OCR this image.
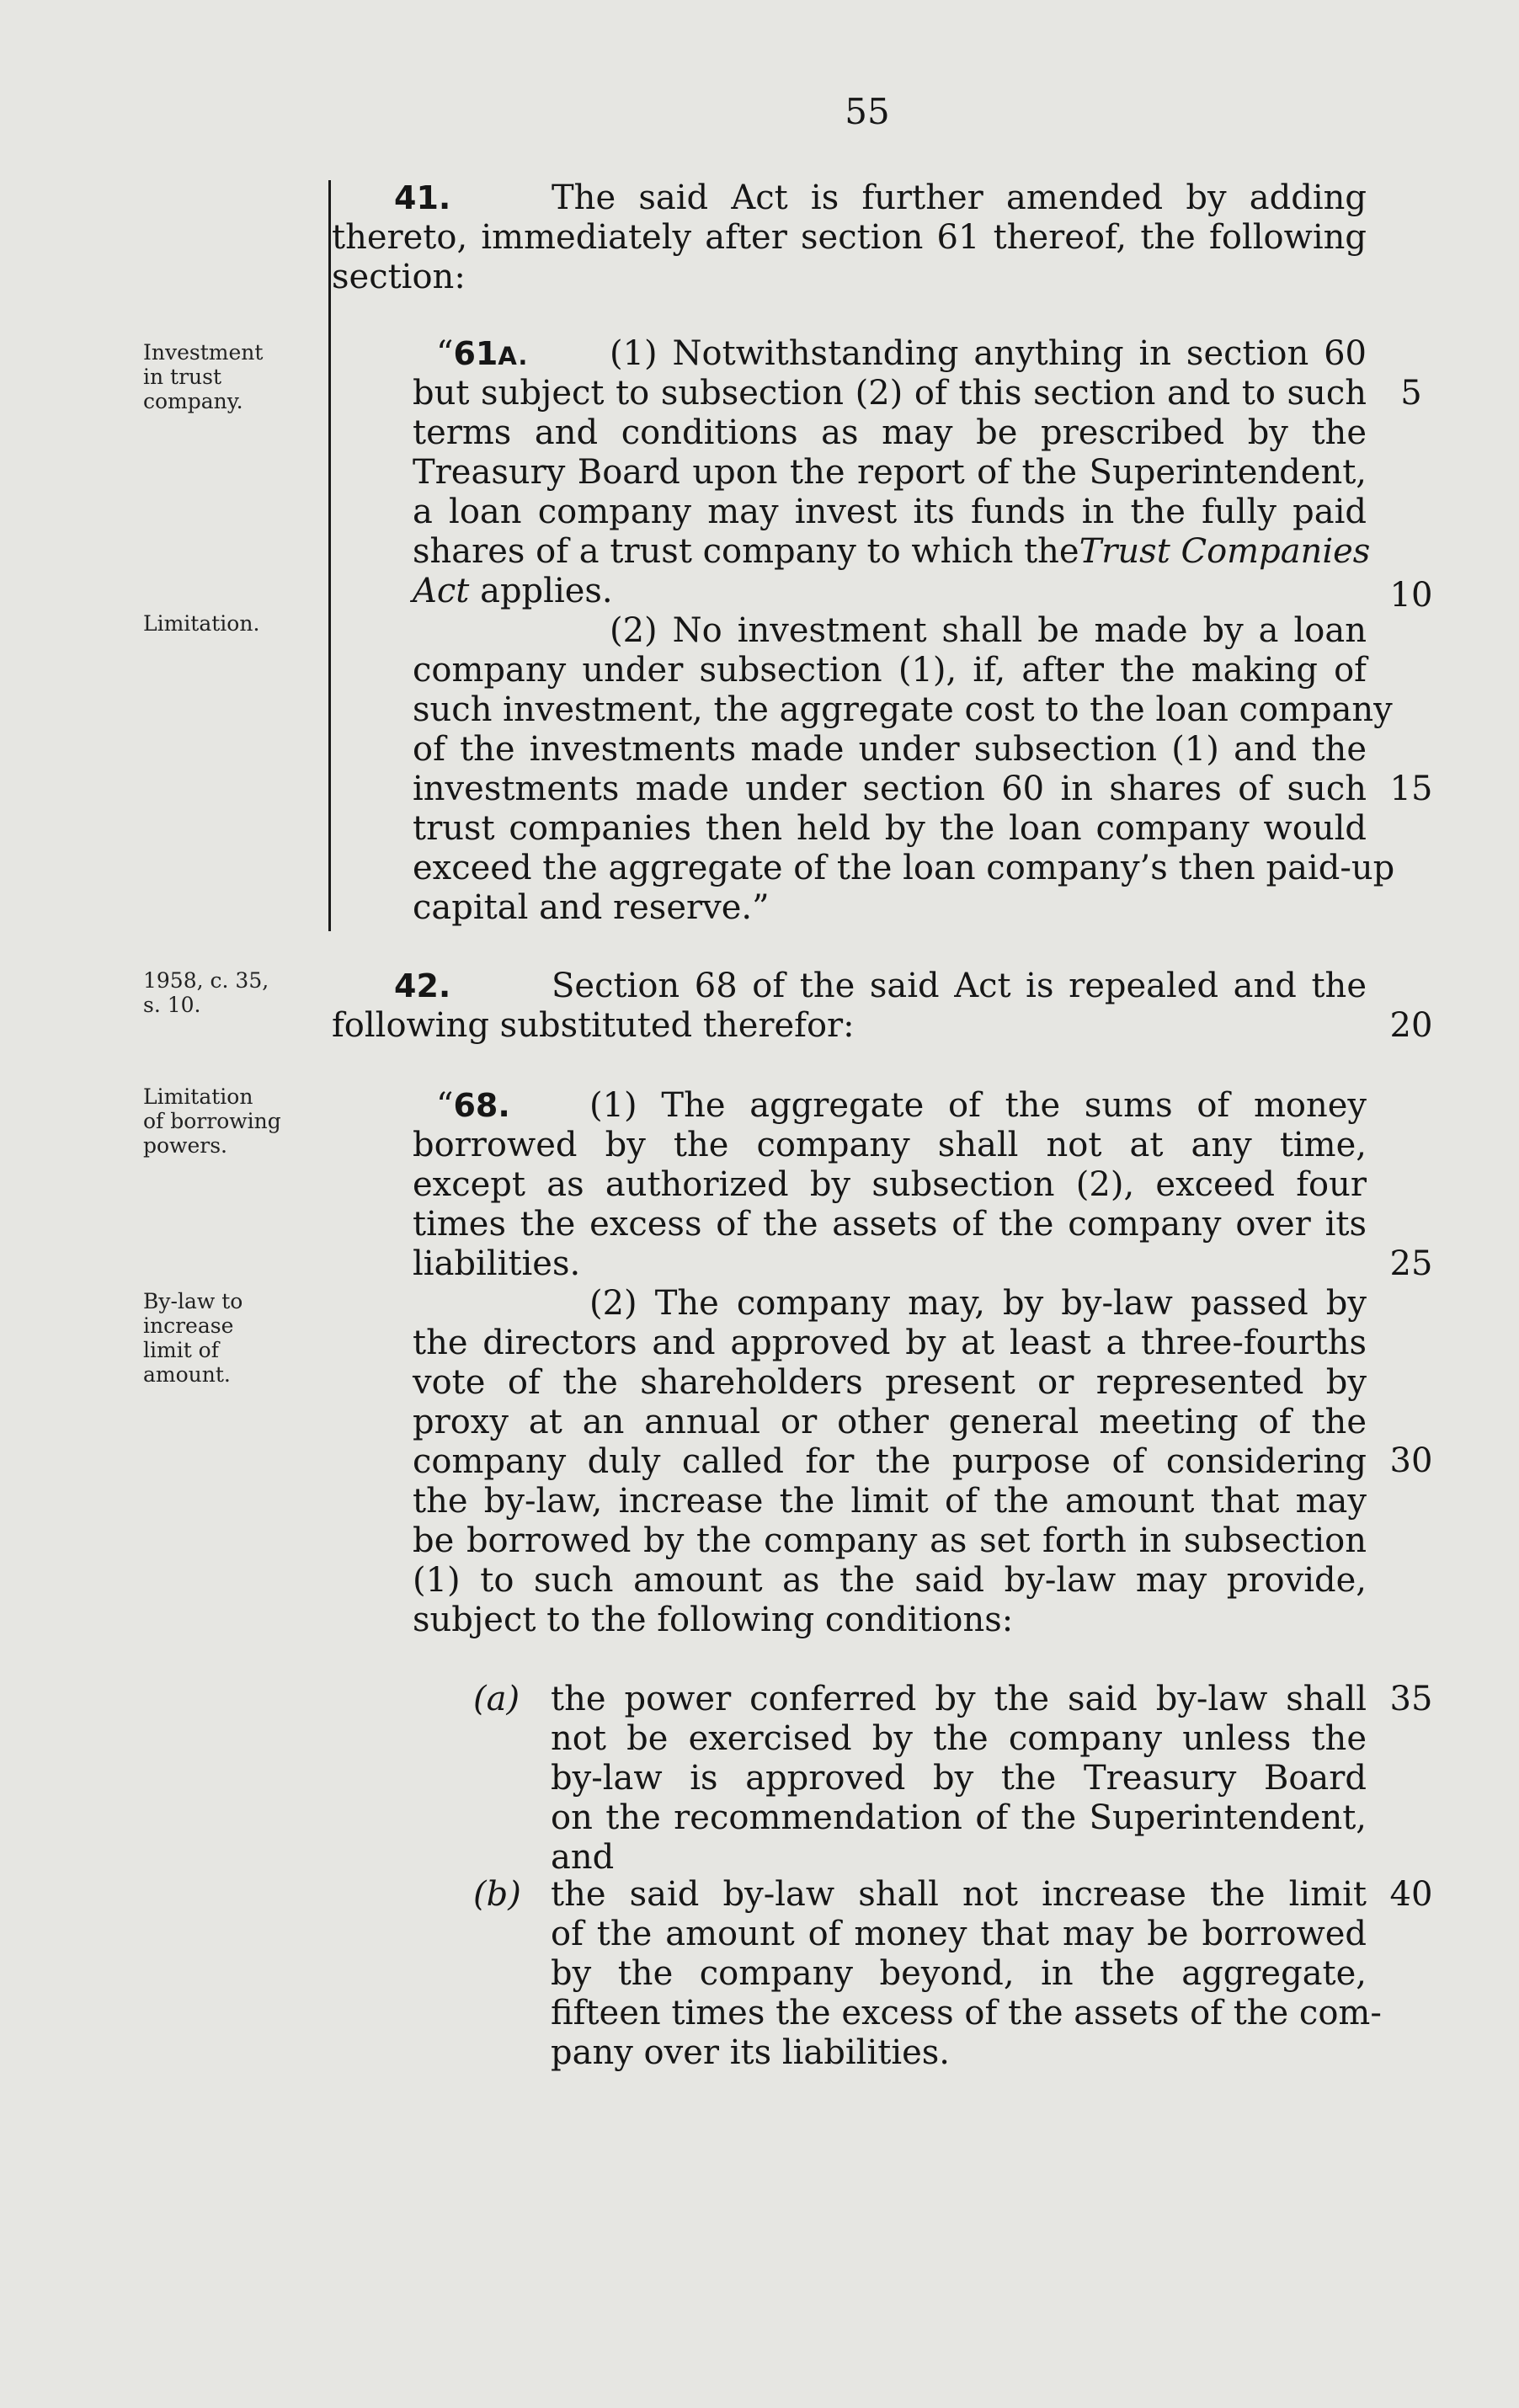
55
Investment
in trust
company.
Limitation.
1958, c. 35,
s. 10.
Limitation
of borrowing
powers.
By-law to
increase
limit of
amount.
5
10
15
20
25
30
35
40
41.	The said Act is further amended by adding
thereto, immediately after section 61 thereof, the following
section:
“61A. (1) Notwithstanding anything in section 60
but subject to subsection (2) of this section and to such
terms and conditions as may be prescribed by the
Treasury Board upon the report of the Superintendent,
a loan company may invest its funds in the fully paid
shares of a trust company to which the Trust Companies
Act applies.
(2) No investment shall be made by a loan
company under subsection (1), if, after the making of
such investment, the aggregate cost to the loan company
of the investments made under subsection (1) and the
investments made under section 60 in shares of such
trust companies then held by the loan company would
exceed the aggregate of the loan company’s then paid-up
capital and reserve.”
42.	Section 68 of the said Act is repealed and the
following substituted therefor:
“68. (1) The aggregate of the sums of money
borrowed by the company shall not at any time,
except as authorized by subsection (2), exceed four
times the excess of the assets of the company over its
liabilities.
(2) The company may, by by-law passed by
the directors and approved by at least a three-fourths
vote of the shareholders present or represented by
proxy at an annual or other general meeting of the
company duly called for the purpose of considering
the by-law, increase the limit of the amount that may
be borrowed by the company as set forth in subsection
(1) to such amount as the said by-law may provide,
subject to the following conditions:
(a) the power conferred by the said by-law shall
not be exercised by the company unless the
by-law is approved by the Treasury Board
on the recommendation of the Superintendent,
and
(b) the said by-law shall not increase the limit
of the amount of money that may be borrowed
by the company beyond, in the aggregate,
fifteen times the excess of the assets of the com-
pany over its liabilities.
